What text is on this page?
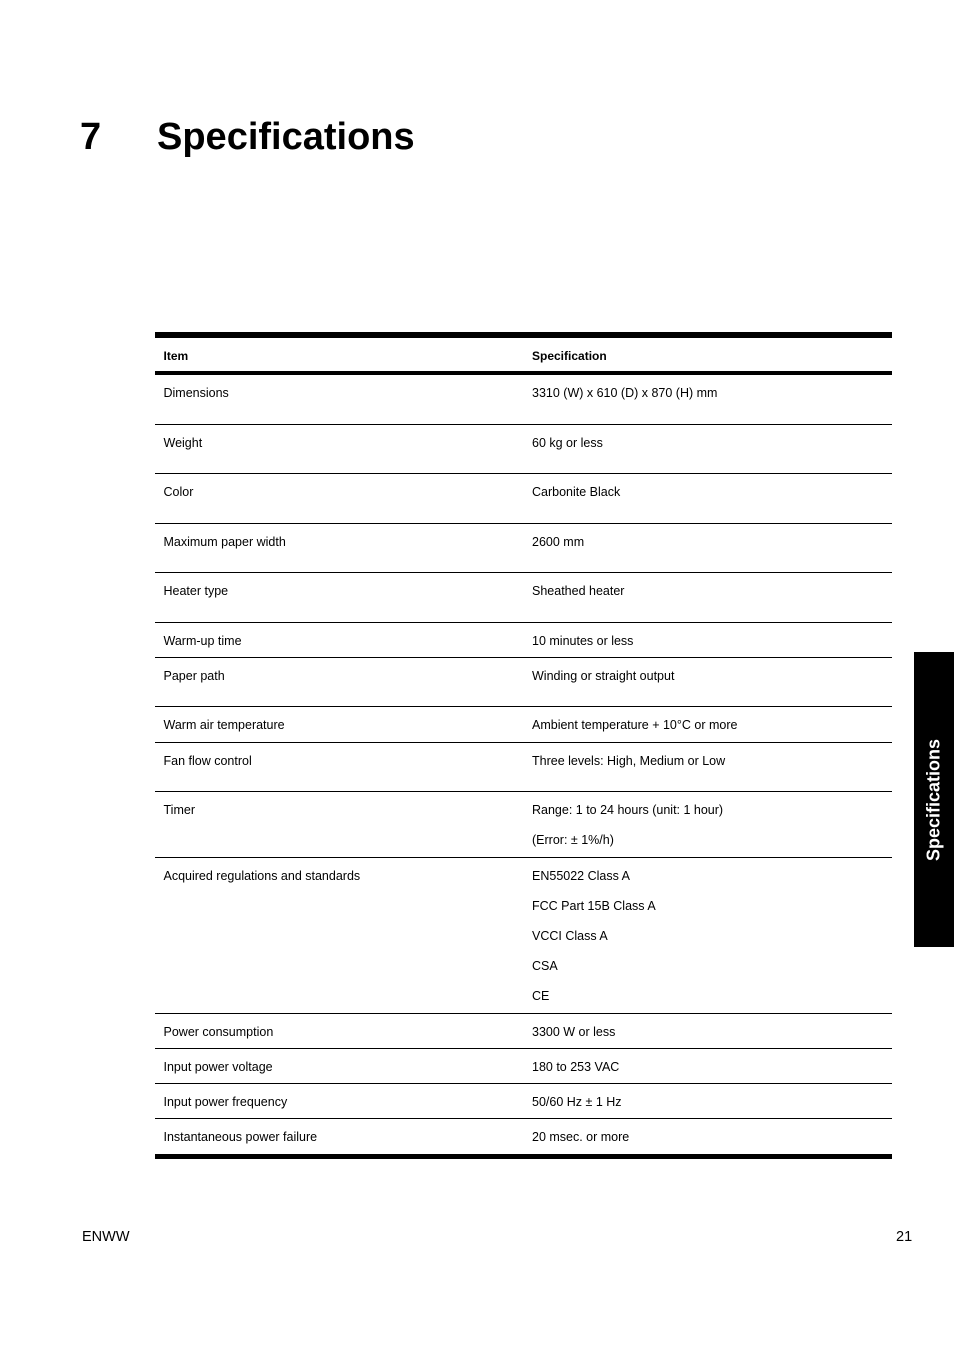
7	Specifications
Item	Specification
Dimensions	3310 (W) x 610 (D) x 870 (H) mm
Weight	60 kg or less
Color	Carbonite Black
Maximum paper width	2600 mm
Heater type	Sheathed heater
Warm-up time	10 minutes or less
Paper path	Winding or straight output
Warm air temperature	Ambient temperature + 10°C or more
Fan flow control	Three levels: High, Medium or Low
Timer	Range: 1 to 24 hours (unit: 1 hour)
(Error: ± 1%/h)
Acquired regulations and standards	EN55022 Class A
FCC Part 15B Class A
VCCI Class A
CSA
CE
Power consumption	3300 W or less
Input power voltage	180 to 253 VAC
Input power frequency	50/60 Hz ± 1 Hz
Instantaneous power failure	20 msec. or more
Specifications
ENWW	21
